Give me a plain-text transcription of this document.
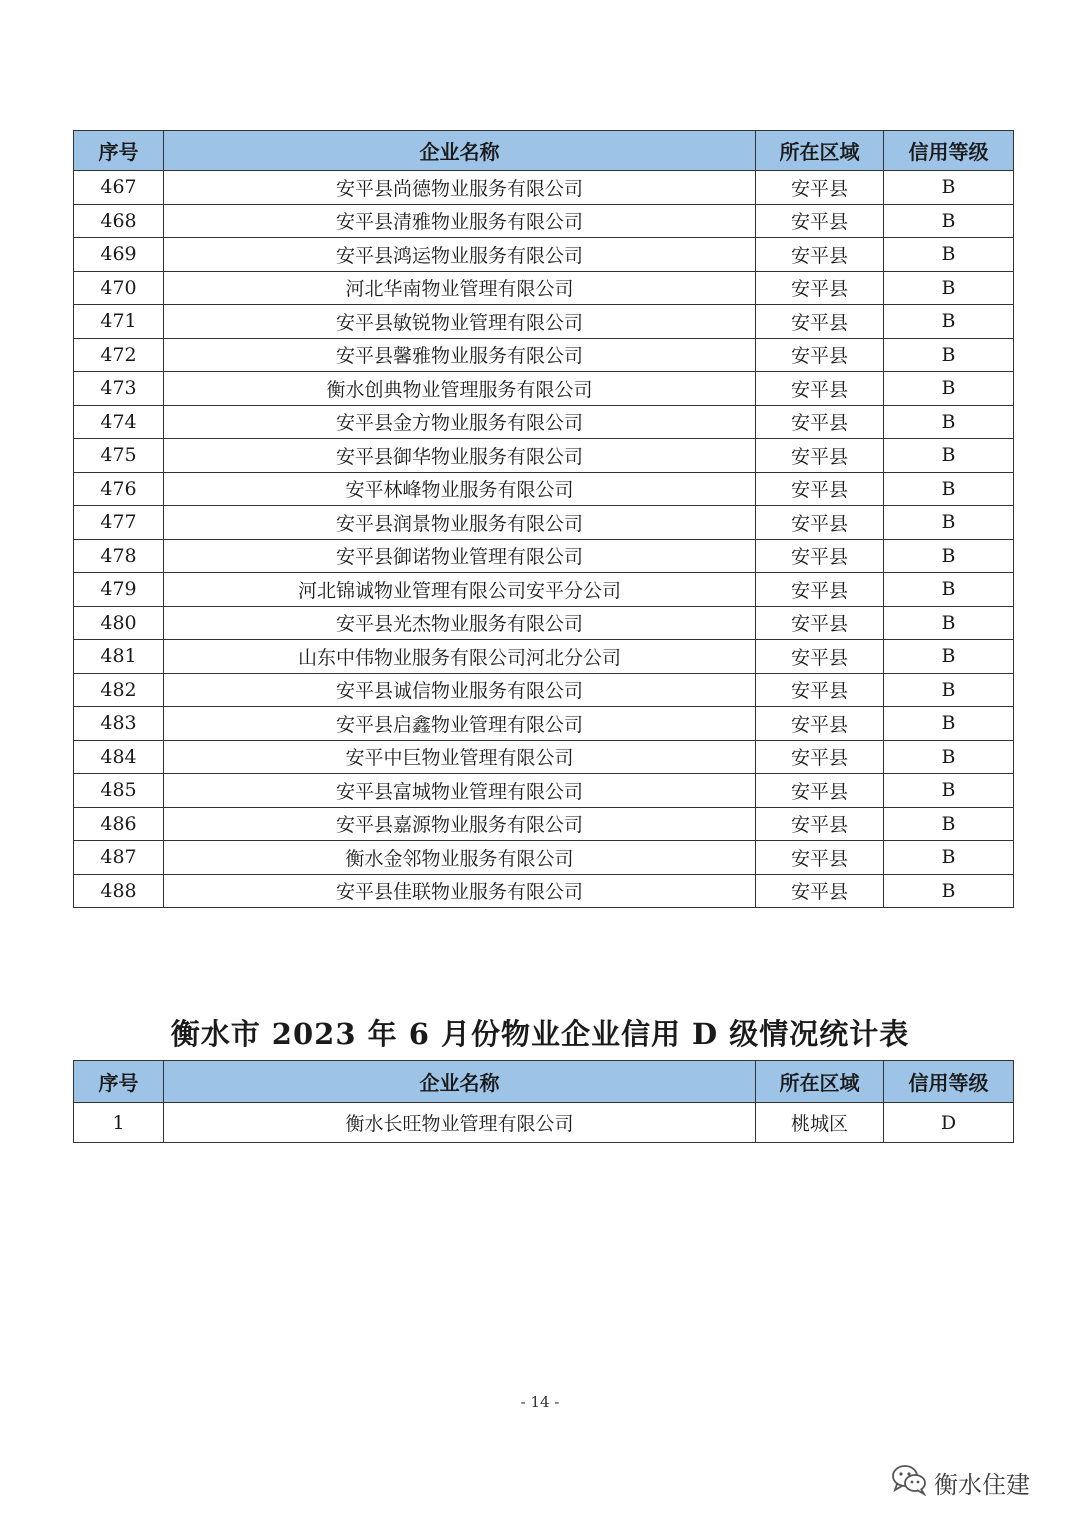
序号	企业名称	所在区域	信用等级
467	安平县尚德物业服务有限公司	安平县	B
468	安平县清雅物业服务有限公司	安平县	B
469	安平县鸿运物业服务有限公司	安平县	B
470	河北华南物业管理有限公司	安平县	B
471	安平县敏锐物业管理有限公司	安平县	B
472	安平县馨雅物业服务有限公司	安平县	B
473	衡水创典物业管理服务有限公司	安平县	B
474	安平县金方物业服务有限公司	安平县	B
475	安平县御华物业服务有限公司	安平县	B
476	安平林峰物业服务有限公司	安平县	B
477	安平县润景物业服务有限公司	安平县	B
478	安平县御诺物业管理有限公司	安平县	B
479	河北锦诚物业管理有限公司安平分公司	安平县	B
480	安平县光杰物业服务有限公司	安平县	B
481	山东中伟物业服务有限公司河北分公司	安平县	B
482	安平县诚信物业服务有限公司	安平县	B
483	安平县启鑫物业管理有限公司	安平县	B
484	安平中巨物业管理有限公司	安平县	B
485	安平县富城物业管理有限公司	安平县	B
486	安平县嘉源物业服务有限公司	安平县	B
487	衡水金邻物业服务有限公司	安平县	B
488	安平县佳联物业服务有限公司	安平县	B
衡水市 2023 年 6 月份物业企业信用 D 级情况统计表
序号	企业名称	所在区域	信用等级
1	衡水长旺物业管理有限公司	桃城区	D
- 14 -
衡水住建
